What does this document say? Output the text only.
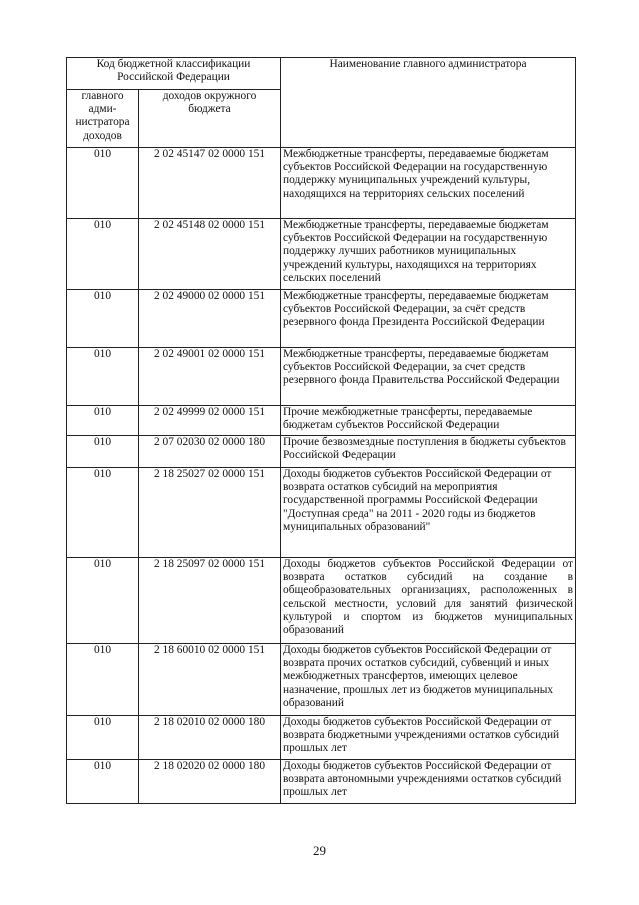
Код бюджетной классификации Российской Федерации		Наименование главного администратора
главного адми-нистратора доходов	доходов окружного бюджета	
010	2 02 45147 02 0000 151	Межбюджетные трансферты, передаваемые бюджетам субъектов Российской Федерации на государственную поддержку муниципальных учреждений культуры, находящихся на территориях сельских поселений
010	2 02 45148 02 0000 151	Межбюджетные трансферты, передаваемые бюджетам субъектов Российской Федерации на государственную поддержку лучших работников муниципальных учреждений культуры, находящихся на территориях сельских поселений
010	2 02 49000 02 0000 151	Межбюджетные трансферты, передаваемые бюджетам субъектов Российской Федерации, за счёт средств резервного фонда Президента Российской Федерации
010	2 02 49001 02 0000 151	Межбюджетные трансферты, передаваемые бюджетам субъектов Российской Федерации, за счет средств резервного фонда Правительства Российской Федерации
010	2 02 49999 02 0000 151	Прочие межбюджетные трансферты, передаваемые бюджетам субъектов Российской Федерации
010	2 07 02030 02 0000 180	Прочие безвозмездные поступления в бюджеты субъектов Российской Федерации
010	2 18 25027 02 0000 151	Доходы бюджетов субъектов Российской Федерации от возврата остатков субсидий на мероприятия государственной программы Российской Федерации "Доступная среда" на 2011 - 2020 годы из бюджетов муниципальных образований"
010	2 18 25097 02 0000 151	Доходы бюджетов субъектов Российской Федерации от возврата остатков субсидий на создание в общеобразовательных организациях, расположенных в сельской местности, условий для занятий физической культурой и спортом из бюджетов муниципальных образований
010	2 18 60010 02 0000 151	Доходы бюджетов субъектов Российской Федерации от возврата прочих остатков субсидий, субвенций и иных межбюджетных трансфертов, имеющих целевое назначение, прошлых лет из бюджетов муниципальных образований
010	2 18 02010 02 0000 180	Доходы бюджетов субъектов Российской Федерации от возврата бюджетными учреждениями остатков субсидий прошлых лет
010	2 18 02020 02 0000 180	Доходы бюджетов субъектов Российской Федерации от возврата автономными учреждениями остатков субсидий прошлых лет
29
